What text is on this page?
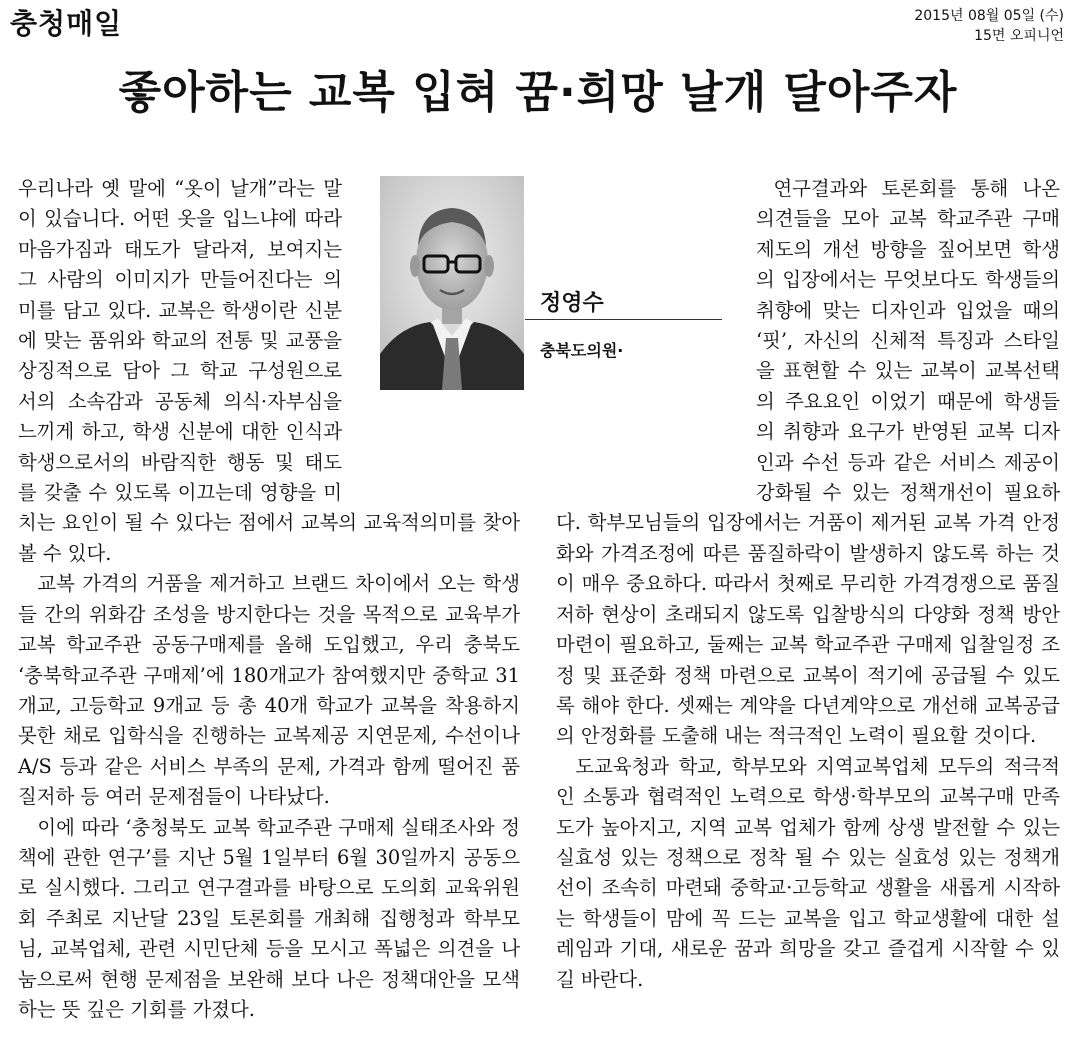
충청매일	2015년 08월 05일 (수)
15면 오피니언
좋아하는 교복 입혀 꿈·희망 날개 달아주자

우리나라 옛 말에 “옷이 날개”라는 말이 있습니다. 어떤 옷을 입느냐에 따라 마음가짐과 태도가 달라져, 보여지는 그 사람의 이미지가 만들어진다는 의미를 담고 있다. 교복은 학생이란 신분에 맞는 품위와 학교의 전통 및 교풍을 상징적으로 담아 그 학교 구성원으로서의 소속감과 공동체 의식·자부심을 느끼게 하고, 학생 신분에 대한 인식과 학생으로서의 바람직한 행동 및 태도를 갖출 수 있도록 이끄는데 영향을 미치는 요인이 될 수 있다는 점에서 교복의 교육적의미를 찾아볼 수 있다.

교복 가격의 거품을 제거하고 브랜드 차이에서 오는 학생들 간의 위화감 조성을 방지한다는 것을 목적으로 교육부가 교복 학교주관 공동구매제를 올해 도입했고, 우리 충북도 ‘충북학교주관 구매제’에 180개교가 참여했지만 중학교 31개교, 고등학교 9개교 등 총 40개 학교가 교복을 착용하지 못한 채로 입학식을 진행하는 교복제공 지연문제, 수선이나 A/S 등과 같은 서비스 부족의 문제, 가격과 함께 떨어진 품질저하 등 여러 문제점들이 나타났다.

이에 따라 ‘충청북도 교복 학교주관 구매제 실태조사와 정책에 관한 연구’를 지난 5월 1일부터 6월 30일까지 공동으로 실시했다. 그리고 연구결과를 바탕으로 도의회 교육위원회 주최로 지난달 23일 토론회를 개최해 집행청과 학부모님, 교복업체, 관련 시민단체 등을 모시고 폭넓은 의견을 나눔으로써 현행 문제점을 보완해 보다 나은 정책대안을 모색하는 뜻 깊은 기회를 가졌다.

연구결과와 토론회를 통해 나온 의견들을 모아 교복 학교주관 구매제도의 개선 방향을 짚어보면 학생의 입장에서는 무엇보다도 학생들의 취향에 맞는 디자인과 입었을 때의 ‘핏’, 자신의 신체적 특징과 스타일을 표현할 수 있는 교복이 교복선택의 주요요인 이었기 때문에 학생들의 취향과 요구가 반영된 교복 디자인과 수선 등과 같은 서비스 제공이 강화될 수 있는 정책개선이 필요하다. 학부모님들의 입장에서는 거품이 제거된 교복 가격 안정화와 가격조정에 따른 품질하락이 발생하지 않도록 하는 것이 매우 중요하다. 따라서 첫째로 무리한 가격경쟁으로 품질저하 현상이 초래되지 않도록 입찰방식의 다양화 정책 방안 마련이 필요하고, 둘째는 교복 학교주관 구매제 입찰일정 조정 및 표준화 정책 마련으로 교복이 적기에 공급될 수 있도록 해야 한다. 셋째는 계약을 다년계약으로 개선해 교복공급의 안정화를 도출해 내는 적극적인 노력이 필요할 것이다.

도교육청과 학교, 학부모와 지역교복업체 모두의 적극적인 소통과 협력적인 노력으로 학생·학부모의 교복구매 만족도가 높아지고, 지역 교복 업체가 함께 상생 발전할 수 있는 실효성 있는 정책으로 정착 될 수 있는 실효성 있는 정책개선이 조속히 마련돼 중학교·고등학교 생활을 새롭게 시작하는 학생들이 맘에 꼭 드는 교복을 입고 학교생활에 대한 설레임과 기대, 새로운 꿈과 희망을 갖고 즐겁게 시작할 수 있길 바란다.

정영수
충북도의원·
